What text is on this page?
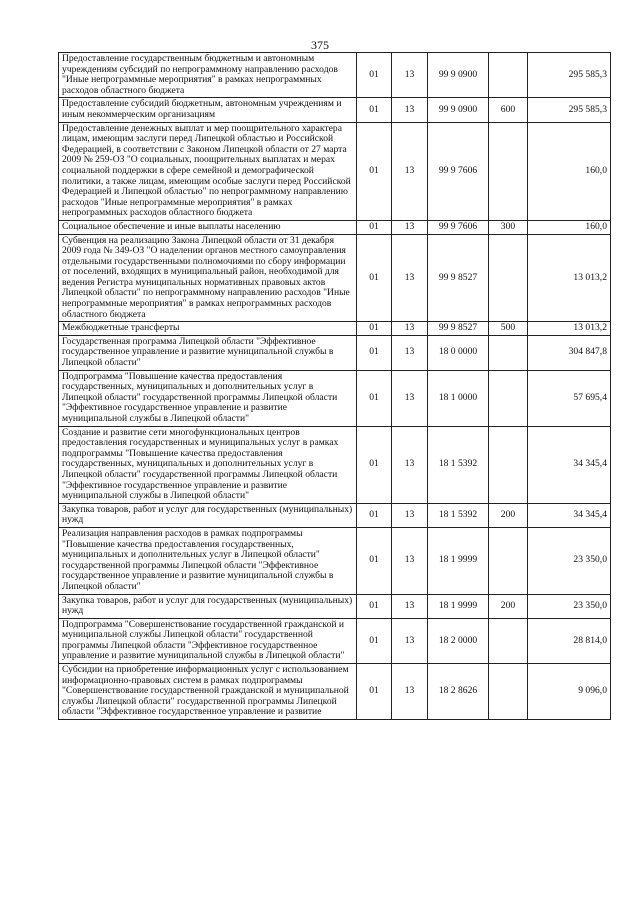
375
Предоставление государственным бюджетным и автономным учреждениям субсидий по непрограммному направлению расходов "Иные непрограммные мероприятия" в рамках непрограммных расходов областного бюджета	01	13	99 9 0900		295 585,3
Предоставление субсидий бюджетным, автономным учреждениям и иным некоммерческим организациям	01	13	99 9 0900	600	295 585,3
Предоставление денежных выплат и мер поощрительного характера лицам, имеющим заслуги перед Липецкой областью и Российской Федерацией, в соответствии с Законом Липецкой области от 27 марта 2009 № 259-ОЗ "О социальных, поощрительных выплатах и мерах социальной поддержки в сфере семейной и демографической политики, а также лицам, имеющим особые заслуги перед Российской Федерацией и Липецкой областью" по непрограммному направлению расходов "Иные непрограммные мероприятия" в рамках непрограммных расходов областного бюджета	01	13	99 9 7606		160,0
Социальное обеспечение и иные выплаты населению	01	13	99 9 7606	300	160,0
Субвенция на реализацию Закона Липецкой области от 31 декабря 2009 года № 349-ОЗ "О наделении органов местного самоуправления отдельными государственными полномочиями по сбору информации от поселений, входящих в муниципальный район, необходимой для ведения Регистра муниципальных нормативных правовых актов Липецкой области" по непрограммному направлению расходов "Иные непрограммные мероприятия" в рамках непрограммных расходов областного бюджета	01	13	99 9 8527		13 013,2
Межбюджетные трансферты	01	13	99 9 8527	500	13 013,2
Государственная программа Липецкой области "Эффективное государственное управление и развитие муниципальной службы в Липецкой области"	01	13	18 0 0000		304 847,8
Подпрограмма "Повышение качества предоставления государственных, муниципальных и дополнительных услуг в Липецкой области" государственной программы Липецкой области "Эффективное государственное управление и развитие муниципальной службы в Липецкой области"	01	13	18 1 0000		57 695,4
Создание и развитие сети многофункциональных центров предоставления государственных и муниципальных услуг в рамках подпрограммы "Повышение качества предоставления государственных, муниципальных и дополнительных услуг в Липецкой области" государственной программы Липецкой области "Эффективное государственное управление и развитие муниципальной службы в Липецкой области"	01	13	18 1 5392		34 345,4
Закупка товаров, работ и услуг для государственных (муниципальных) нужд	01	13	18 1 5392	200	34 345,4
Реализация направления расходов в рамках подпрограммы "Повышение качества предоставления государственных, муниципальных и дополнительных услуг в Липецкой области" государственной программы Липецкой области "Эффективное государственное управление и развитие муниципальной службы в Липецкой области"	01	13	18 1 9999		23 350,0
Закупка товаров, работ и услуг для государственных (муниципальных) нужд	01	13	18 1 9999	200	23 350,0
Подпрограмма "Совершенствование государственной гражданской и муниципальной службы Липецкой области" государственной программы Липецкой области "Эффективное государственное управление и развитие муниципальной службы в Липецкой области"	01	13	18 2 0000		28 814,0
Субсидии на приобретение информационных услуг с использованием информационно-правовых систем в рамках подпрограммы "Совершенствование государственной гражданской и муниципальной службы Липецкой области" государственной программы Липецкой области "Эффективное государственное управление и развитие	01	13	18 2 8626		9 096,0
